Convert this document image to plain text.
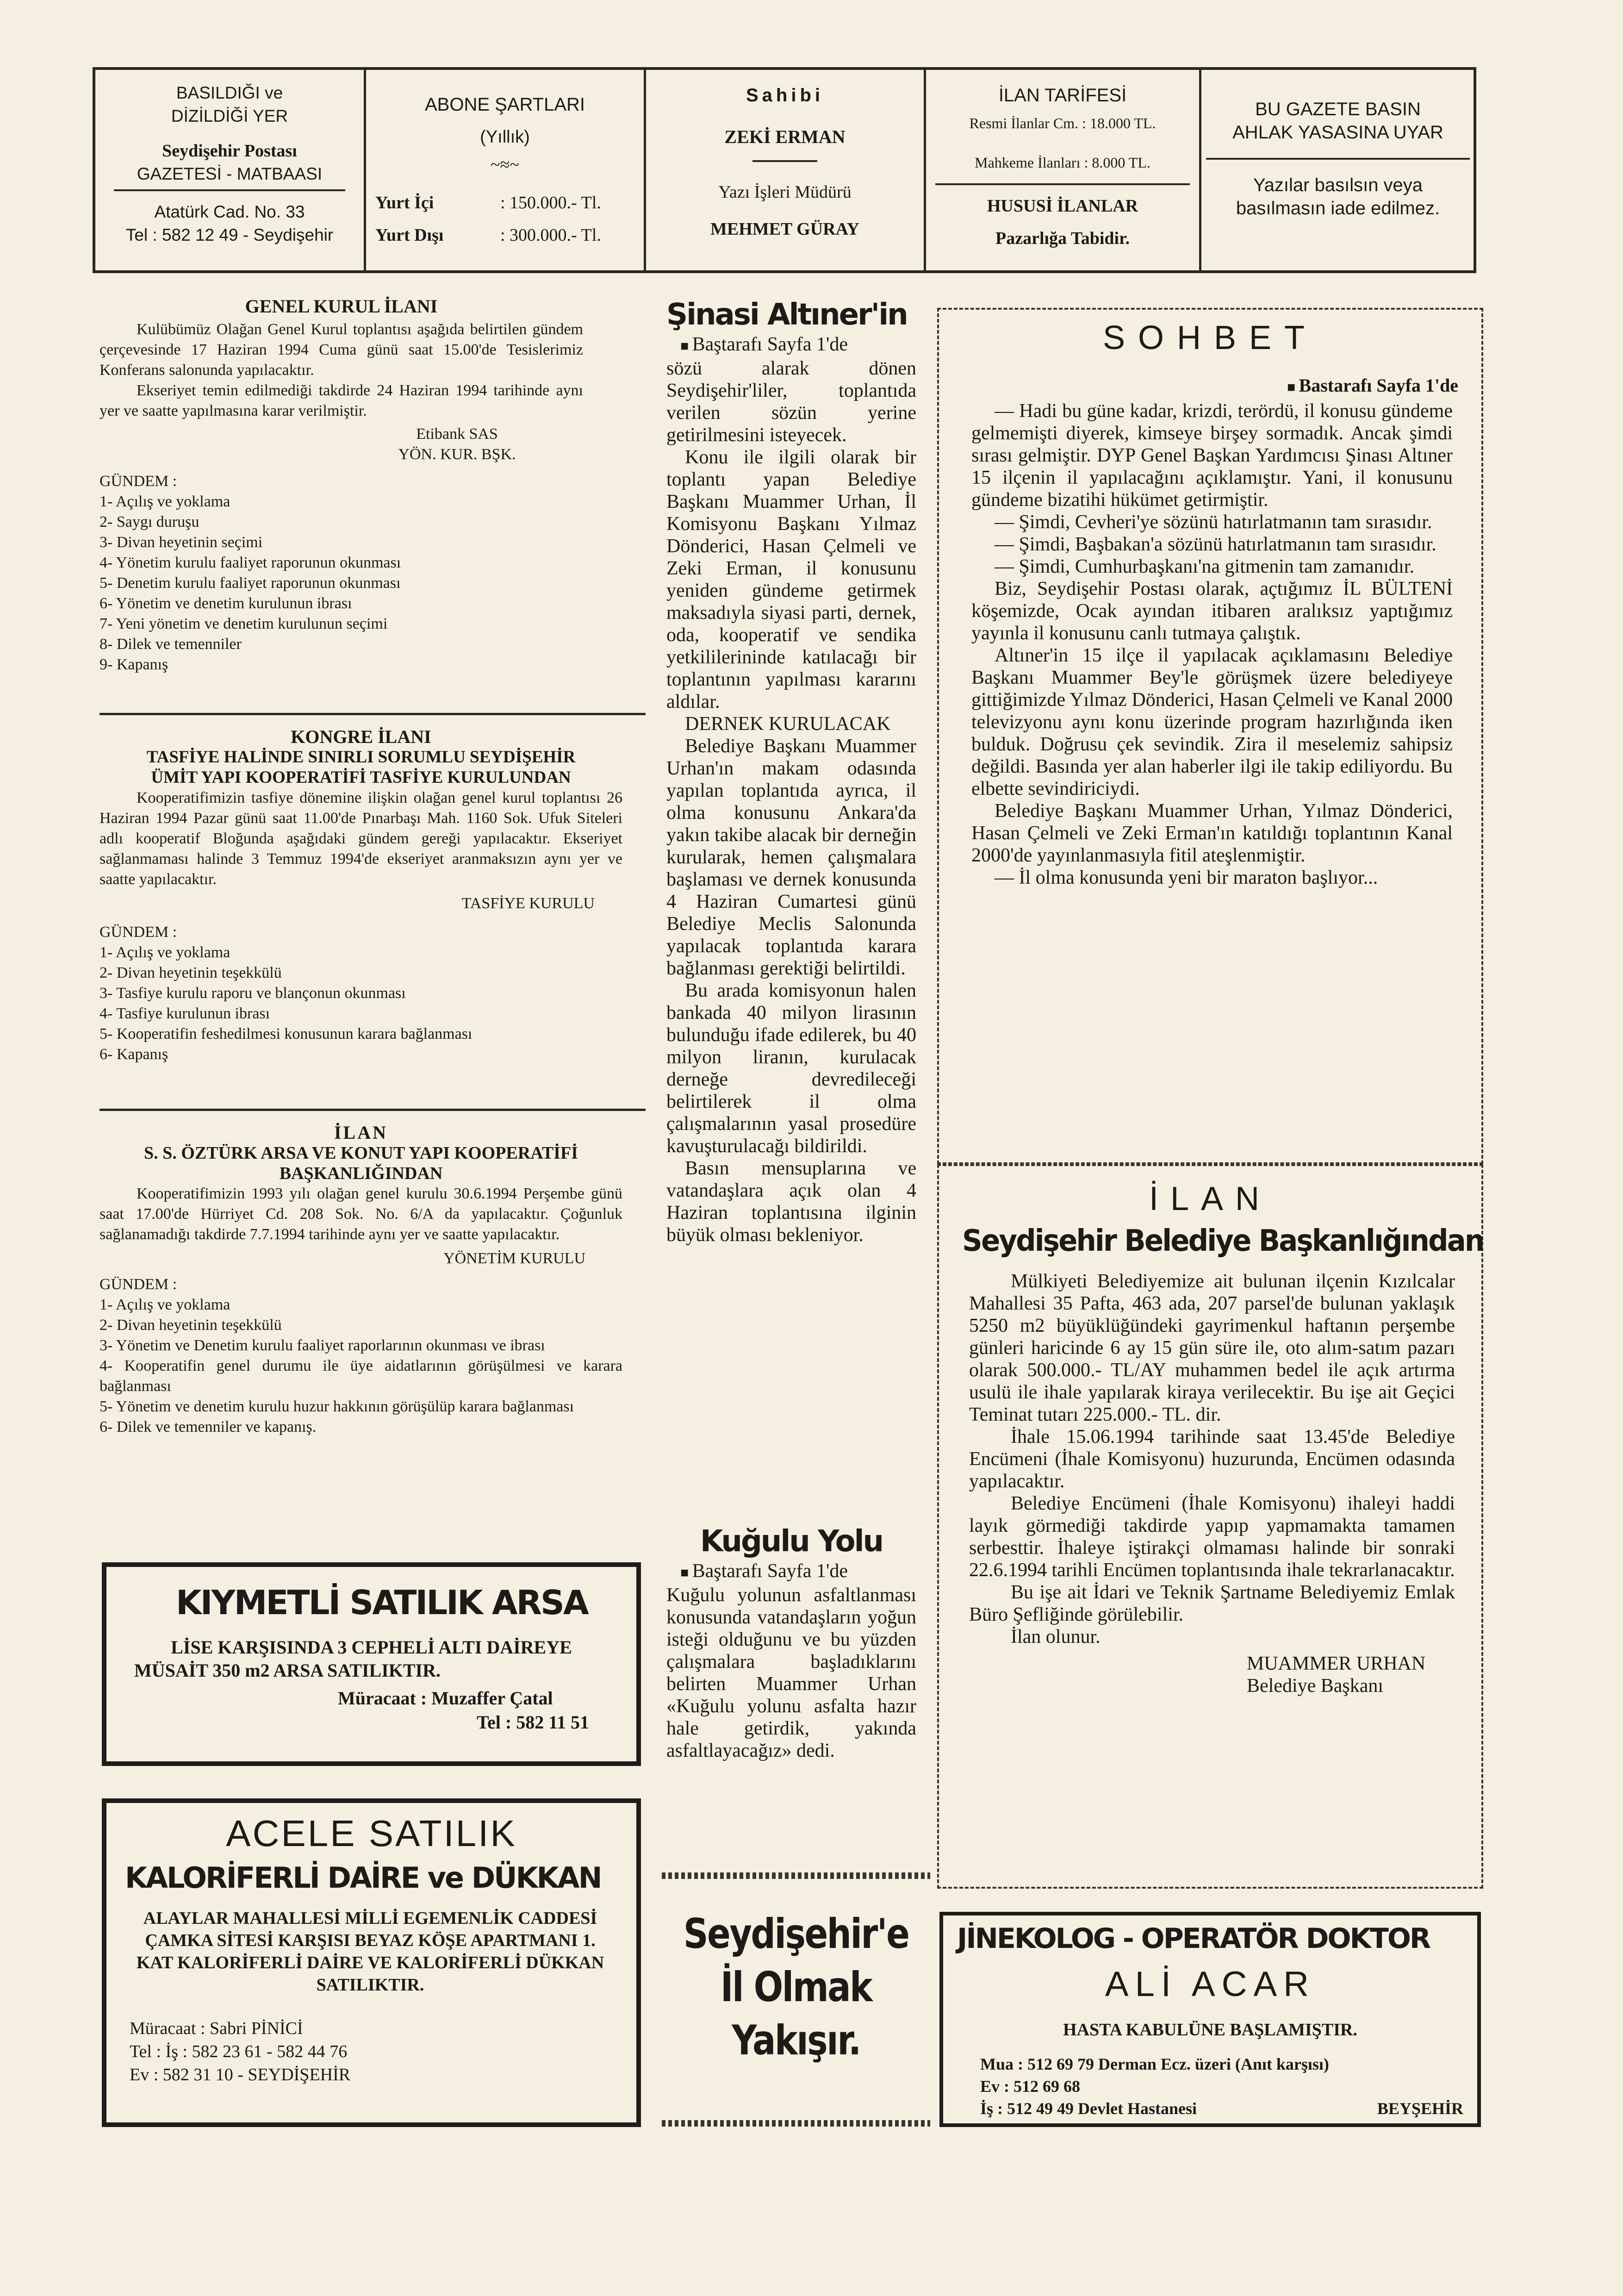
BASILDIĞI ve
DİZİLDİĞİ YER
Seydişehir Postası
GAZETESİ - MATBAASI
Atatürk Cad. No. 33
Tel : 582 12 49 - Seydişehir
ABONE ŞARTLARI
(Yıllık)
~≈~
Yurt İçi	: 150.000.- Tl.
Yurt Dışı	: 300.000.- Tl.
Sahibi
ZEKİ ERMAN
Yazı İşleri Müdürü
MEHMET GÜRAY
İLAN TARİFESİ
Resmi İlanlar Cm. : 18.000 TL.
Mahkeme İlanları : 8.000 TL.
HUSUSİ İLANLAR
Pazarlığa Tabidir.
BU GAZETE BASIN
AHLAK YASASINA UYAR
Yazılar basılsın veya
basılmasın iade edilmez.
GENEL KURUL İLANI

Kulübümüz Olağan Genel Kurul toplantısı aşağıda belirtilen gündem çerçevesinde 17 Haziran 1994 Cuma günü saat 15.00'de Tesislerimiz Konferans salonunda yapılacaktır.

Ekseriyet temin edilmediği takdirde 24 Haziran 1994 tarihinde aynı yer ve saatte yapılmasına karar verilmiştir.

Etibank SAS
YÖN. KUR. BŞK.
GÜNDEM :
1- Açılış ve yoklama
2- Saygı duruşu
3- Divan heyetinin seçimi
4- Yönetim kurulu faaliyet raporunun okunması
5- Denetim kurulu faaliyet raporunun okunması
6- Yönetim ve denetim kurulunun ibrası
7- Yeni yönetim ve denetim kurulunun seçimi
8- Dilek ve temenniler
9- Kapanış
KONGRE İLANI
TASFİYE HALİNDE SINIRLI SORUMLU SEYDİŞEHİR
ÜMİT YAPI KOOPERATİFİ TASFİYE KURULUNDAN

Kooperatifimizin tasfiye dönemine ilişkin olağan genel kurul toplantısı 26 Haziran 1994 Pazar günü saat 11.00'de Pınarbaşı Mah. 1160 Sok. Ufuk Siteleri adlı kooperatif Bloğunda aşağıdaki gündem gereği yapılacaktır. Ekseriyet sağlanmaması halinde 3 Temmuz 1994'de ekseriyet aranmaksızın aynı yer ve saatte yapılacaktır.

TASFİYE KURULU
GÜNDEM :
1- Açılış ve yoklama
2- Divan heyetinin teşekkülü
3- Tasfiye kurulu raporu ve blançonun okunması
4- Tasfiye kurulunun ibrası
5- Kooperatifin feshedilmesi konusunun karara bağlanması
6- Kapanış
İLAN
S. S. ÖZTÜRK ARSA VE KONUT YAPI KOOPERATİFİ
BAŞKANLIĞINDAN

Kooperatifimizin 1993 yılı olağan genel kurulu 30.6.1994 Perşembe günü saat 17.00'de Hürriyet Cd. 208 Sok. No. 6/A da yapılacaktır. Çoğunluk sağlanamadığı takdirde 7.7.1994 tarihinde aynı yer ve saatte yapılacaktır.

YÖNETİM KURULU
GÜNDEM :
1- Açılış ve yoklama
2- Divan heyetinin teşekkülü
3- Yönetim ve Denetim kurulu faaliyet raporlarının okunması ve ibrası
4- Kooperatifin genel durumu ile üye aidatlarının görüşülmesi ve karara bağlanması
5- Yönetim ve denetim kurulu huzur hakkının görüşülüp karara bağlanması
6- Dilek ve temenniler ve kapanış.
KIYMETLİ SATILIK ARSA
LİSE KARŞISINDA 3 CEPHELİ ALTI DAİREYE
MÜSAİT 350 m2 ARSA SATILIKTIR.
Müracaat : Muzaffer Çatal
Tel : 582 11 51
ACELE SATILIK
KALORİFERLİ DAİRE ve DÜKKAN
ALAYLAR MAHALLESİ MİLLİ EGEMENLİK CADDESİ ÇAMKA SİTESİ KARŞISI BEYAZ KÖŞE APARTMANI 1. KAT KALORİFERLİ DAİRE VE KALORİFERLİ DÜKKAN SATILIKTIR.
Müracaat : Sabri PİNİCİ
Tel : İş : 582 23 61 - 582 44 76
Ev : 582 31 10 - SEYDİŞEHİR
Şinasi Altıner'in
■ Baştarafı Sayfa 1'de

sözü alarak dönen Seydişehir'liler, toplantıda verilen sözün yerine getirilmesini isteyecek.

Konu ile ilgili olarak bir toplantı yapan Belediye Başkanı Muammer Urhan, İl Komisyonu Başkanı Yılmaz Dönderici, Hasan Çelmeli ve Zeki Erman, il konusunu yeniden gündeme getirmek maksadıyla siyasi parti, dernek, oda, kooperatif ve sendika yetkililerininde katılacağı bir toplantının yapılması kararını aldılar.

DERNEK KURULACAK

Belediye Başkanı Muammer Urhan'ın makam odasında yapılan toplantıda ayrıca, il olma konusunu Ankara'da yakın takibe alacak bir derneğin kurularak, hemen çalışmalara başlaması ve dernek konusunda 4 Haziran Cumartesi günü Belediye Meclis Salonunda yapılacak toplantıda karara bağlanması gerektiği belirtildi.

Bu arada komisyonun halen bankada 40 milyon lirasının bulunduğu ifade edilerek, bu 40 milyon liranın, kurulacak derneğe devredileceği belirtilerek il olma çalışmalarının yasal prosedüre kavuşturulacağı bildirildi.

Basın mensuplarına ve vatandaşlara açık olan 4 Haziran toplantısına ilginin büyük olması bekleniyor.

Kuğulu Yolu
■ Baştarafı Sayfa 1'de

Kuğulu yolunun asfaltlanması konusunda vatandaşların yoğun isteği olduğunu ve bu yüzden çalışmalara başladıklarını belirten Muammer Urhan «Kuğulu yolunu asfalta hazır hale getirdik, yakında asfaltlayacağız» dedi.

Seydişehir'e
İl Olmak
Yakışır.
SOHBET
■ Bastarafı Sayfa 1'de

— Hadi bu güne kadar, krizdi, terördü, il konusu gündeme gelmemişti diyerek, kimseye birşey sormadık. Ancak şimdi sırası gelmiştir. DYP Genel Başkan Yardımcısı Şinası Altıner 15 ilçenin il yapılacağını açıklamıştır. Yani, il konusunu gündeme bizatihi hükümet getirmiştir.

— Şimdi, Cevheri'ye sözünü hatırlatmanın tam sırasıdır.

— Şimdi, Başbakan'a sözünü hatırlatmanın tam sırasıdır.

— Şimdi, Cumhurbaşkanı'na gitmenin tam zamanıdır.

Biz, Seydişehir Postası olarak, açtığımız İL BÜLTENİ köşemizde, Ocak ayından itibaren aralıksız yaptığımız yayınla il konusunu canlı tutmaya çalıştık.

Altıner'in 15 ilçe il yapılacak açıklamasını Belediye Başkanı Muammer Bey'le görüşmek üzere belediyeye gittiğimizde Yılmaz Dönderici, Hasan Çelmeli ve Kanal 2000 televizyonu aynı konu üzerinde program hazırlığında iken bulduk. Doğrusu çek sevindik. Zira il meselemiz sahipsiz değildi. Basında yer alan haberler ilgi ile takip ediliyordu. Bu elbette sevindiriciydi.

Belediye Başkanı Muammer Urhan, Yılmaz Dönderici, Hasan Çelmeli ve Zeki Erman'ın katıldığı toplantının Kanal 2000'de yayınlanmasıyla fitil ateşlenmiştir.

— İl olma konusunda yeni bir maraton başlıyor...

İLAN
Seydişehir Belediye Başkanlığından

Mülkiyeti Belediyemize ait bulunan ilçenin Kızılcalar Mahallesi 35 Pafta, 463 ada, 207 parsel'de bulunan yaklaşık 5250 m2 büyüklüğündeki gayrimenkul haftanın perşembe günleri haricinde 6 ay 15 gün süre ile, oto alım-satım pazarı olarak 500.000.- TL/AY muhammen bedel ile açık artırma usulü ile ihale yapılarak kiraya verilecektir. Bu işe ait Geçici Teminat tutarı 225.000.- TL. dir.

İhale 15.06.1994 tarihinde saat 13.45'de Belediye Encümeni (İhale Komisyonu) huzurunda, Encümen odasında yapılacaktır.

Belediye Encümeni (İhale Komisyonu) ihaleyi haddi layık görmediği takdirde yapıp yapmamakta tamamen serbesttir. İhaleye iştirakçi olmaması halinde bir sonraki 22.6.1994 tarihli Encümen toplantısında ihale tekrarlanacaktır.

Bu işe ait İdari ve Teknik Şartname Belediyemiz Emlak Büro Şefliğinde görülebilir.

İlan olunur.

MUAMMER URHAN
Belediye Başkanı
JİNEKOLOG - OPERATÖR DOKTOR
ALİ ACAR
HASTA KABULÜNE BAŞLAMIŞTIR.
Mua : 512 69 79 Derman Ecz. üzeri (Anıt karşısı)
Ev : 512 69 68
İş : 512 49 49 Devlet Hastanesi	BEYŞEHİR
